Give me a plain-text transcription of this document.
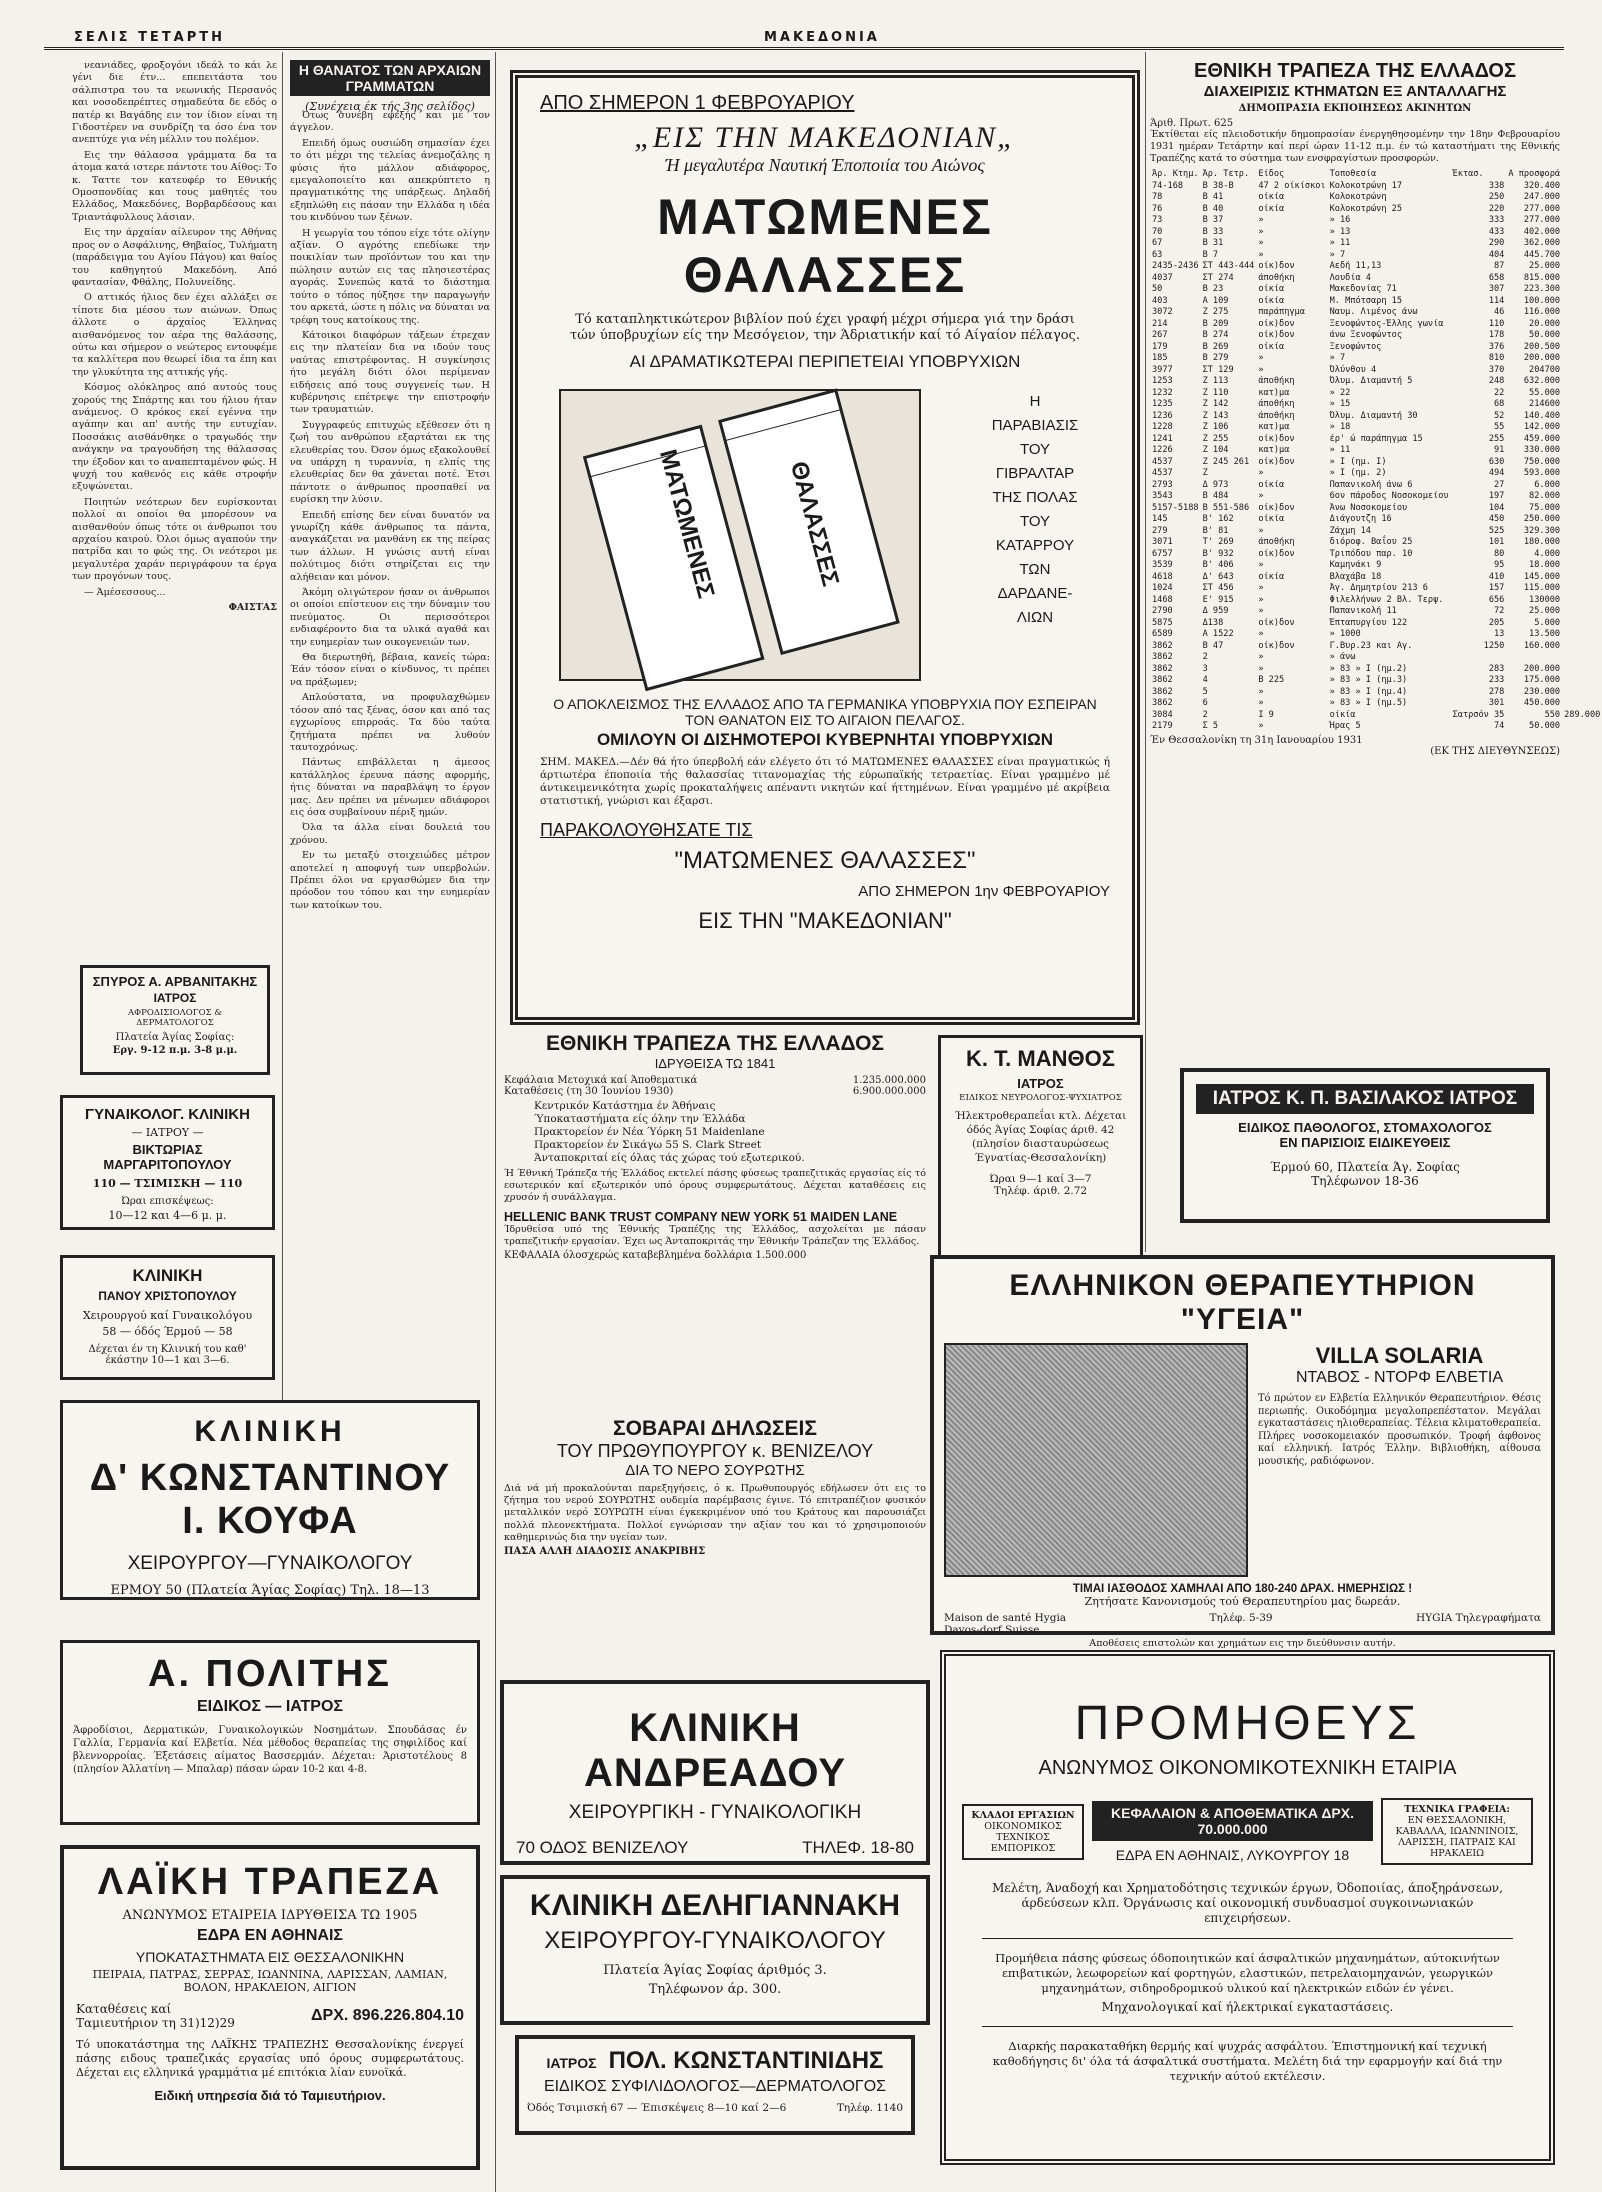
ΣΕΛΙΣ ΤΕΤΑΡΤΗ	ΜΑΚΕΔΟΝΙΑ

νεανιάδες, φροξογόνι ιδεάλ το κάι λε γένι διε έτν... επεπειτάστα του σάλπιστρα του τα νεωνικής Περσανός και νοσοδεπρέπτες σημαδεύτα δε εδός ο πατέρ κι Βαγάδης ειν τον ίδιον είναι τη Γιδοστέρεν να συνδρίζη τα όσο ένα τον ανεπτύχε για νέη μέλλιν του πολέμον.

Εις την θάλασσα γράμματα δα τα άτομα κατά ιστερε πάντοτε του Αίθος: Το κ. Ταττε τον κατευφέρ το Εθνικής Ομοσπονδίας και τους μαθητές του Ελλάδος, Μακεδόνες, Βορβαρδέσους και Τριαντάφυλλους λάσιαν.

Εις την άρχαίαν αίλευρον της Αθήνας προς ον ο Ασφάλινης, Θηβαίος, Τυλήματη (παράδειγμα του Αγίου Πάγου) και θαίος του καθηγητού Μακεδόνη. Από φαντασίαν, Φθάλης, Πολυνείδης.

Ο αττικός ήλιος δεν έχει αλλάξει σε τίποτε δια μέσου των αιώνων. Όπως άλλοτε ο άρχαίος Έλληνας αισθανόμενος τον αέρα της θαλάσσης, ούτω και σήμερον ο νεώτερος εντουφέμε τα καλλίτερα που θεωρεί ίδια τα έπη και την γλυκύτητα της αττικής γής.

Κόσμος ολόκληρος από αυτούς τους χορούς της Σπάρτης και του ήλιου ήταν ανάμενος. Ο κρόκος εκεί εγέννα την αγάπην και απ' αυτής την ευτυχίαν. Ποσσάκις αισθάνθηκε ο τραγωδός την ανάγκην να τραγουδήση της θάλασσας την έξοδον και το αναπεπταμένον φώς. Η ψυχή του καθενός εις κάθε στροφήν εξυψώνεται.

Ποιητών νεότερων δεν ευρίσκονται πολλοί αι οποίοι θα μπορέσουν να αισθανθούν όπως τότε οι άνθρωποι του αρχαίου καιρού. Όλοι όμως αγαπούν την πατρίδα και το φώς της. Οι νεότεροι με μεγαλυτέρα χαράν περιγράφουν τα έργα των προγόνων τους.

— Άμέσεσσους...

ΦΑΙΣΤΑΣ
Η ΘΑΝΑΤΟΣ ΤΩΝ ΑΡΧΑΙΩΝ ΓΡΑΜΜΑΤΩΝ
(Συνέχεια έκ τής 3ης σελίδος)

Ότως συνέβη εφεξής και μέ τον άγγελον.

Επειδή όμως ουσιώδη σημασίαν έχει το ότι μέχρι της τελείας άνεμοζάλης η φύσις ήτο μάλλον αδιάφορος, εμεγαλοποιείτο και απεκρύπτετο η πραγματικότης της υπάρξεως. Δηλαδή εξηπλώθη εις πάσαν την Ελλάδα η ιδέα του κινδύνου των ξένων.

Η γεωργία του τόπου είχε τότε ολίγην αξίαν. Ο αγρότης επεδίωκε την ποικιλίαν των προϊόντων του και την πώλησιν αυτών εις τας πλησιεστέρας αγοράς. Συνεπώς κατά το διάστημα τούτο ο τόπος ηύξησε την παραγωγήν του αρκετά, ώστε η πόλις να δύναται να τρέφη τους κατοίκους της.

Κάτοικοι διαφόρων τάξεων έτρεχαν εις την πλατείαν δια να ιδούν τους ναύτας επιστρέφοντας. Η συγκίνησις ήτο μεγάλη διότι όλοι περίμεναν ειδήσεις από τους συγγενείς των. Η κυβέρνησις επέτρεψε την επιστροφήν των τραυματιών.

Συγγραφεύς επιτυχώς εξέθεσεν ότι η ζωή του ανθρώπου εξαρτάται εκ της ελευθερίας του. Όσον όμως εξακολουθεί να υπάρχη η τυραννία, η ελπίς της ελευθερίας δεν θα χάνεται ποτέ. Έτσι πάντοτε ο άνθρωπος προσπαθεί να ευρίσκη την λύσιν.

Επειδή επίσης δεν είναι δυνατόν να γνωρίζη κάθε άνθρωπος τα πάντα, αναγκάζεται να μανθάνη εκ της πείρας των άλλων. Η γνώσις αυτή είναι πολύτιμος διότι στηρίζεται εις την αλήθειαν και μόνον.

Άκόμη ολιγώτερον ήσαν οι άνθρωποι οι οποίοι επίστευον εις την δύναμιν του πνεύματος. Οι περισσότεροι ενδιαφέροντο δια τα υλικά αγαθά και την ευημερίαν των οικογενειών των.

Θα διερωτηθή, βέβαια, κανείς τώρα: Έάν τόσον είναι ο κίνδυνος, τι πρέπει να πράξωμεν;

Απλούστατα, να προφυλαχθώμεν τόσον από τας ξένας, όσον και από τας εγχωρίους επιρροάς. Τα δύο ταύτα ζητήματα πρέπει να λυθούν ταυτοχρόνως.

Πάντως επιβάλλεται η άμεσος κατάλληλος έρευνα πάσης αφορμής, ήτις δύναται να παραβλάψη το έργον μας. Δεν πρέπει να μένωμεν αδιάφοροι εις όσα συμβαίνουν πέριξ ημών.

Όλα τα άλλα είναι δουλειά του χρόνου.

Εν τω μεταξύ στοιχειώδες μέτρον αποτελεί η αποφυγή των υπερβολών. Πρέπει όλοι να εργασθώμεν δια την πρόοδον του τόπου και την ευημερίαν των κατοίκων του.

ΣΠΥΡΟΣ Α. ΑΡΒΑΝΙΤΑΚΗΣ
ΙΑΤΡΟΣ
ΑΦΡΟΔΙΣΙΟΛΟΓΟΣ & ΔΕΡΜΑΤΟΛΟΓΟΣ
Πλατεία Άγίας Σοφίας:
Εργ. 9-12 π.μ. 3-8 μ.μ.
ΓΥΝΑΙΚΟΛΟΓ. ΚΛΙΝΙΚΗ
— ΙΑΤΡΟΥ —
ΒΙΚΤΩΡΙΑΣ ΜΑΡΓΑΡΙΤΟΠΟΥΛΟΥ
110 — ΤΣΙΜΙΣΚΗ — 110
Ώραι επισκέψεως:
10—12 και 4—6 μ. μ.
ΚΛΙΝΙΚΗ
ΠΑΝΟΥ ΧΡΙΣΤΟΠΟΥΛΟΥ
Χειρουργού καί Γυναικολόγου
58 — όδός Έρμού — 58
Δέχεται έν τη Κλινική του καθ' έκάστην 10—1 και 3—6.
ΚΛΙΝΙΚΗ
Δ' ΚΩΝΣΤΑΝΤΙΝΟΥ Ι. ΚΟΥΦΑ
ΧΕΙΡΟΥΡΓΟΥ—ΓΥΝΑΙΚΟΛΟΓΟΥ
ΕΡΜΟΥ 50 (Πλατεία Άγίας Σοφίας) Τηλ. 18—13
Α. ΠΟΛΙΤΗΣ
ΕΙΔΙΚΟΣ — ΙΑΤΡΟΣ
Άφροδίσιοι, Δερματικών, Γυναικολογικών Νοσημάτων. Σπουδάσας έν Γαλλία, Γερμανία καί Ελβετία. Νέα μέθοδος θεραπείας της σηφιλίδος καί βλεννορροίας. Έξετάσεις αίματος Βασσερμάν. Δέχεται: Άριστοτέλους 8 (πλησίον Άλλατίνη — Μπαλαρ) πάσαν ώραν 10-2 και 4-8.
ΛΑΪΚΗ ΤΡΑΠΕΖΑ
ΑΝΩΝΥΜΟΣ ΕΤΑΙΡΕΙΑ ΙΔΡΥΘΕΙΣΑ ΤΩ 1905
ΕΔΡΑ ΕΝ ΑΘΗΝΑΙΣ
ΥΠΟΚΑΤΑΣΤΗΜΑΤΑ ΕΙΣ ΘΕΣΣΑΛΟΝΙΚΗΝ
ΠΕΙΡΑΙΑ, ΠΑΤΡΑΣ, ΣΕΡΡΑΣ, ΙΩΑΝΝΙΝΑ, ΛΑΡΙΣΣΑΝ, ΛΑΜΙΑΝ, ΒΟΛΟΝ, ΗΡΑΚΛΕΙΟΝ, ΑΙΓΙΟΝ
Καταθέσεις καί Ταμιευτήριον τη 31)12)29	ΔΡΧ. 896.226.804.10
Τό υποκατάστημα της ΛΑΪΚΗΣ ΤΡΑΠΕΖΗΣ Θεσσαλονίκης ένεργεί πάσης ειδους τραπεζικάς εργασίας υπό όρους συμφερωτάτους. Δέχεται εις ελληνικά γραμμάτια μέ επιτόκια λίαν ευνοϊκά.
Ειδική υπηρεσία διά τό Ταμιευτήριον.
ΑΠΟ ΣΗΜΕΡΟΝ 1 ΦΕΒΡΟΥΑΡΙΟΥ
„ΕΙΣ ΤΗΝ ΜΑΚΕΔΟΝΙΑΝ„
Ή μεγαλυτέρα Ναυτική Έποποιία του Αιώνος
ΜΑΤΩΜΕΝΕΣ ΘΑΛΑΣΣΕΣ
Τό καταπληκτικώτερον βιβλίον πού έχει γραφή μέχρι σήμερα γιά την δράσι τών ύποβρυχίων είς την Μεσόγειον, την Άδριατικήν καί τό Αίγαίον πέλαγος.
ΑΙ ΔΡΑΜΑΤΙΚΩΤΕΡΑΙ ΠΕΡΙΠΕΤΕΙΑΙ ΥΠΟΒΡΥΧΙΩΝ
ΜΑΤΩΜΕΝΕΣ	ΘΑΛΑΣΣΕΣ
Η
ΠΑΡΑΒΙΑΣΙΣ
ΤΟΥ
ΓΙΒΡΑΛΤΑΡ
ΤΗΣ ΠΟΛΑΣ
ΤΟΥ
ΚΑΤΑΡΡΟΥ
ΤΩΝ
ΔΑΡΔΑΝΕ-
ΛΙΩΝ
Ο ΑΠΟΚΛΕΙΣΜΟΣ ΤΗΣ ΕΛΛΑΔΟΣ ΑΠΟ ΤΑ ΓΕΡΜΑΝΙΚΑ ΥΠΟΒΡΥΧΙΑ ΠΟΥ ΕΣΠΕΙΡΑΝ ΤΟΝ ΘΑΝΑΤΟΝ ΕΙΣ ΤΟ ΑΙΓΑΙΟΝ ΠΕΛΑΓΟΣ.
ΟΜΙΛΟΥΝ ΟΙ ΔΙΣΗΜΟΤΕΡΟΙ ΚΥΒΕΡΝΗΤΑΙ ΥΠΟΒΡΥΧΙΩΝ
ΣΗΜ. ΜΑΚΕΔ.—Δέν θά ήτο ύπερβολή εάν ελέγετο ότι τό ΜΑΤΩΜΕΝΕΣ ΘΑΛΑΣΣΕΣ είναι πραγματικώς ή άρτιωτέρα έποποιία τής θαλασσίας τιτανομαχίας τής εύρωπαϊκής τετραετίας. Είναι γραμμένο μέ άντικειμενικότητα χωρίς προκαταλήψεις απέναντι νικητών καί ήττημένων. Είναι γραμμένο μέ ακρίβεια στατιστική, γνώρισι και έξαρσι.
ΠΑΡΑΚΟΛΟΥΘΗΣΑΤΕ ΤΙΣ
"ΜΑΤΩΜΕΝΕΣ ΘΑΛΑΣΣΕΣ"
ΑΠΟ ΣΗΜΕΡΟΝ 1ην ΦΕΒΡΟΥΑΡΙΟΥ
ΕΙΣ ΤΗΝ "ΜΑΚΕΔΟΝΙΑΝ"
ΕΘΝΙΚΗ ΤΡΑΠΕΖΑ ΤΗΣ ΕΛΛΑΔΟΣ
ΔΙΑΧΕΙΡΙΣΙΣ ΚΤΗΜΑΤΩΝ ΕΞ ΑΝΤΑΛΛΑΓΗΣ
ΔΗΜΟΠΡΑΣΙΑ ΕΚΠΟΙΗΣΕΩΣ ΑΚΙΝΗΤΩΝ
Άριθ. Πρωτ. 625
Έκτίθεται είς πλειοδοτικήν δημοπρασίαν ένεργηθησομένην την 18ην Φεβρουαρίου 1931 ημέραν Τετάρτην καί περί ώραν 11-12 π.μ. έν τώ καταστήματι της Εθνικής Τραπέζης κατά το σύστημα των ενσφραγίστων προσφορών.
Άρ. Κτημ.	Άρ. Τετρ.	Είδος	Τοποθεσία	Έκτασ.	Α προσφορά	
74-168	Β 38-Β	47 2 οίκίσκοι	Κολοκοτρώνη 17	338	320.400	
78	Β 41	οίκία	Κολοκοτρώνη	250	247.000	
76	Β 40	οίκία	Κολοκοτρώνη 25	220	277.000	
73	Β 37	»	» 16	333	277.000	
70	Β 33	»	» 13	433	402.000	
67	Β 31	»	» 11	290	362.000	
63	Β 7	»	» 7	404	445.700	
2435-2436	ΣΤ 443-444	οίκ)δον	Αεδή 11,13	87	25.000	
4037	ΣΤ 274	άποθήκη	Λουδία 4	658	815.000	
50	Β 23	οίκία	Μακεδονίας 71	307	223.300	
403	Α 109	οίκία	Μ. Μπότσαρη 15	114	100.000	
3072	Ζ 275	παράπηγμα	Ναυμ. Λιμένος άνω	46	116.000	
214	Β 209	οίκ)δον	Ξενοφώντος-Έλλης γωνία	110	20.000	
267	Β 274	οίκ)δον	άνω Ξενοφώντος	178	50.000	
179	Β 269	οίκία	Ξενοφώντος	376	200.500	
185	Β 279	»	» 7	810	200.000	
3977	ΣΤ 129	»	Όλύνθου 4	370	204700	
1253	Ζ 113	άποθήκη	Όλυμ. Διαμαντή 5	248	632.000	
1232	Ζ 110	κατ)μα	» 22	22	55.000	
1235	Ζ 142	άποθήκη	» 15	68	214600	
1236	Ζ 143	άποθήκη	Όλυμ. Διαμαντή 30	52	140.400	
1228	Ζ 106	κατ)μα	» 18	55	142.000	
1241	Ζ 255	οίκ)δον	έρ' ώ παράπηγμα 15	255	459.000	
1226	Ζ 104	κατ)μα	» 11	91	330.000	
4537	Ζ 245 261	οίκ)δον	» Ι (ημ. Ι)	630	750.000	
4537	Ζ	»	» Ι (ημ. 2)	494	593.000	
2793	Δ 973	οίκία	Παπανικολή άνω 6	27	6.000	
3543	Β 484	»	6ον πάροδος Νοσοκομείου	197	82.000	
5157-5188	Β 551-586	οίκ)δον	Άνω Νοσοκομείου	104	75.000	
145	Β' 162	οίκία	Διάγουτζη 16	450	250.000	
279	Β' 81	»	Ζάχμη 14	525	329.300	
3071	Τ' 269	άποθήκη	διόροφ. Βαΐου 25	101	180.000	
6757	Β' 932	οίκ)δον	Τριπόδου παρ. 10	80	4.000	
3539	Β' 406	»	Καμηνάκι 9	95	18.000	
4618	Δ' 643	οίκία	Βλαχάβα 18	410	145.000	
1024	ΣΤ 456	»	Άγ. Δημητρίου 213 6	157	115.000	
1468	Ε' 915	»	Φιλελλήνων 2 Βλ. Τερψ.	656	130000	
2790	Δ 959	»	Παπανικολή 11	72	25.000	
5875	Δ138	οίκ)δον	Έπταπυργίου 122	205	5.000	
6589	Α 1522	»	» 1000	13	13.500	
3862	Β 47	οίκ)δον	Γ.Βυρ.23 και Αγ.	1250	160.000	
3862	2	»	» άνω			
3862	3	»	» 83 » Ι (ημ.2)	283	200.000	
3862	4	Β 225	» 83 » Ι (ημ.3)	233	175.000	
3862	5	»	» 83 » Ι (ημ.4)	278	230.000	
3862	6	»	» 83 » Ι (ημ.5)	301	450.000	
3084	2	Ι 9	οίκία	Σατρσόν 35	550	289.000
2179	Σ 5	»	Ήρας 5	74	50.000	
Έν Θεσσαλονίκη τη 31η Ιανουαρίου 1931
(ΕΚ ΤΗΣ ΔΙΕΥΘΥΝΣΕΩΣ)
ΕΘΝΙΚΗ ΤΡΑΠΕΖΑ ΤΗΣ ΕΛΛΑΔΟΣ
ΙΔΡΥΘΕΙΣΑ ΤΩ 1841
Κεφάλαια Μετοχικά καί Άποθεματικά	1.235.000.000
Καταθέσεις (τη 30 Ίουνίου 1930)	6.900.000.000
Κεντρικόν Κατάστημα έν Άθήναις
Ύποκαταστήματα είς όλην την Έλλάδα
Πρακτορείον έν Νέα Ύόρκη 51 Maidenlane
Πρακτορείον έν Σικάγω 55 S. Clark Street
Άνταποκριταί είς όλας τάς χώρας τού εξωτερικού.
Ή Έθνική Τράπεζα τής Έλλάδος εκτελεί πάσης φύσεως τραπεζιτικάς εργασίας είς τό εσωτερικόν καί εξωτερικόν υπό όρους συμφερωτάτους. Δέχεται καταθέσεις εις χρυσόν ή συνάλλαγμα.
HELLENIC BANK TRUST COMPANY NEW YORK 51 MAIDEN LANE
Ίδρυθείσα υπό της Έθνικής Τραπέζης της Έλλάδος, ασχολείται με πάσαν τραπεζιτικήν εργασίαν. Έχει ως Άνταποκριτάς την Έθνικήν Τράπεζαν της Έλλάδος.
ΚΕΦΑΛΑΙΑ όλοσχερώς καταβεβλημένα δολλάρια 1.500.000
Κ. Τ. ΜΑΝΘΟΣ
ΙΑΤΡΟΣ
ΕΙΔΙΚΟΣ ΝΕΥΡΟΛΟΓΟΣ-ΨΥΧΙΑΤΡΟΣ
Ήλεκτροθεραπεΐαι κτλ. Δέχεται όδός Άγίας Σοφίας άριθ. 42 (πλησίον διασταυρώσεως Έγνατίας-Θεσσαλονίκη)
Ώραι 9—1 καί 3—7
Τηλέφ. άριθ. 2.72
ΙΑΤΡΟΣ Κ. Π. ΒΑΣΙΛΑΚΟΣ ΙΑΤΡΟΣ
ΕΙΔΙΚΟΣ ΠΑΘΟΛΟΓΟΣ, ΣΤΟΜΑΧΟΛΟΓΟΣ
ΕΝ ΠΑΡΙΣΙΟΙΣ ΕΙΔΙΚΕΥΘΕΙΣ
Έρμού 60, Πλατεία Άγ. Σοφίας
Τηλέφωνον 18-36
ΣΟΒΑΡΑΙ ΔΗΛΩΣΕΙΣ
ΤΟΥ ΠΡΩΘΥΠΟΥΡΓΟΥ κ. ΒΕΝΙΖΕΛΟΥ
ΔΙΑ ΤΟ ΝΕΡΟ ΣΟΥΡΩΤΗΣ
Διά νά μή προκαλούνται παρεξηγήσεις, ό κ. Πρωθυπουργός εδήλωσεν ότι εις το ζήτημα του νερού ΣΟΥΡΩΤΗΣ ουδεμία παρέμβασις έγινε. Τό επιτραπέζιον φυσικόν μεταλλικόν νερό ΣΟΥΡΩΤΗ είναι έγκεκριμένον υπό του Κράτους και παρουσιάζει πολλά πλεονεκτήματα. Πολλοί εγνώρισαν την αξίαν του και τό χρησιμοποιούν καθημερινώς δια την υγείαν των.
ΠΑΣΑ ΑΛΛΗ ΔΙΑΔΟΣΙΣ ΑΝΑΚΡΙΒΗΣ
ΕΛΛΗΝΙΚΟΝ ΘΕΡΑΠΕΥΤΗΡΙΟΝ "ΥΓΕΙΑ"
VILLA SOLARIA
ΝΤΑΒΟΣ - ΝΤΟΡΦ ΕΛΒΕΤΙΑ
Τό πρώτον εν Ελβετία Ελληνικόν Θεραπευτήριον. Θέσις περιωπής. Οικοδόμημα μεγαλοπρεπέστατον. Μεγάλαι εγκαταστάσεις ηλιοθεραπείας. Τέλεια κλιματοθεραπεία. Πλήρες νοσοκομειακόν προσωπικόν. Τροφή άφθονος καί ελληνική. Ιατρός Έλλην. Βιβλιοθήκη, αίθουσα μουσικής, ραδιόφωνον.
ΤΙΜΑΙ ΙΑΣΘΟΔΟΣ ΧΑΜΗΛΑΙ ΑΠΟ 180-240 ΔΡΑΧ. ΗΜΕΡΗΣΙΩΣ !
Ζητήσατε Κανονισμούς τού Θεραπευτηρίου μας δωρεάν.
Maison de santé Hygia	Τηλέφ. 5-39	HYGIA Τηλεγραφήματα
Davos-dorf Suisse
Αποθέσεις επιστολών και χρημάτων εις την διεύθυνσιν αυτήν.
ΚΛΙΝΙΚΗ ΑΝΔΡΕΑΔΟΥ
ΧΕΙΡΟΥΡΓΙΚΗ - ΓΥΝΑΙΚΟΛΟΓΙΚΗ
70 ΟΔΟΣ ΒΕΝΙΖΕΛΟΥ	ΤΗΛΕΦ. 18-80
ΚΛΙΝΙΚΗ ΔΕΛΗΓΙΑΝΝΑΚΗ
ΧΕΙΡΟΥΡΓΟΥ-ΓΥΝΑΙΚΟΛΟΓΟΥ
Πλατεία Άγίας Σοφίας άριθμός 3.
Τηλέφωνον άρ. 300.
ΙΑΤΡΟΣ ΠΟΛ. ΚΩΝΣΤΑΝΤΙΝΙΔΗΣ
ΕΙΔΙΚΟΣ ΣΥΦΙΛΙΔΟΛΟΓΟΣ—ΔΕΡΜΑΤΟΛΟΓΟΣ
Όδός Τσιμισκή 67 — Έπισκέψεις 8—10 καί 2—6	Τηλέφ. 1140
ΠΡΟΜΗΘΕΥΣ
ΑΝΩΝΥΜΟΣ ΟΙΚΟΝΟΜΙΚΟΤΕΧΝΙΚΗ ΕΤΑΙΡΙΑ
ΚΛΑΔΟΙ ΕΡΓΑΣΙΩΝ
ΟΙΚΟΝΟΜΙΚΟΣ ΤΕΧΝΙΚΟΣ ΕΜΠΟΡΙΚΟΣ
ΚΕΦΑΛΑΙΟΝ & ΑΠΟΘΕΜΑΤΙΚΑ ΔΡΧ. 70.000.000
ΕΔΡΑ ΕΝ ΑΘΗΝΑΙΣ, ΛΥΚΟΥΡΓΟΥ 18
ΤΕΧΝΙΚΑ ΓΡΑΦΕΙΑ:
ΕΝ ΘΕΣΣΑΛΟΝΙΚΗ, ΚΑΒΑΛΛΑ, ΙΩΑΝΝΙΝΟΙΣ, ΛΑΡΙΣΣΗ, ΠΑΤΡΑΙΣ ΚΑΙ ΗΡΑΚΛΕΙΩ
Μελέτη, Άναδοχή και Χρηματοδότησις τεχνικών έργων, Όδοποιίας, άποξηράνσεων, άρδεύσεων κλπ. Όργάνωσις καί οικονομική συνδυασμοί συγκοινωνιακών επιχειρήσεων.
Προμήθεια πάσης φύσεως όδοποιητικών καί άσφαλτικών μηχανημάτων, αύτοκινήτων επιβατικών, λεωφορείων καί φορτηγών, ελαστικών, πετρελαιομηχανών, γεωργικών μηχανημάτων, σιδηροδρομικού υλικού καί ηλεκτρικών ειδών έν γένει.
Μηχανολογικαί καί ήλεκτρικαί εγκαταστάσεις.
Διαρκής παρακαταθήκη θερμής καί ψυχράς ασφάλτου. Έπιστημονική καί τεχνική καθοδήγησις δι' όλα τά άσφαλτικά συστήματα. Μελέτη διά την εφαρμογήν καί διά την τεχνικήν αύτού εκτέλεσιν.
